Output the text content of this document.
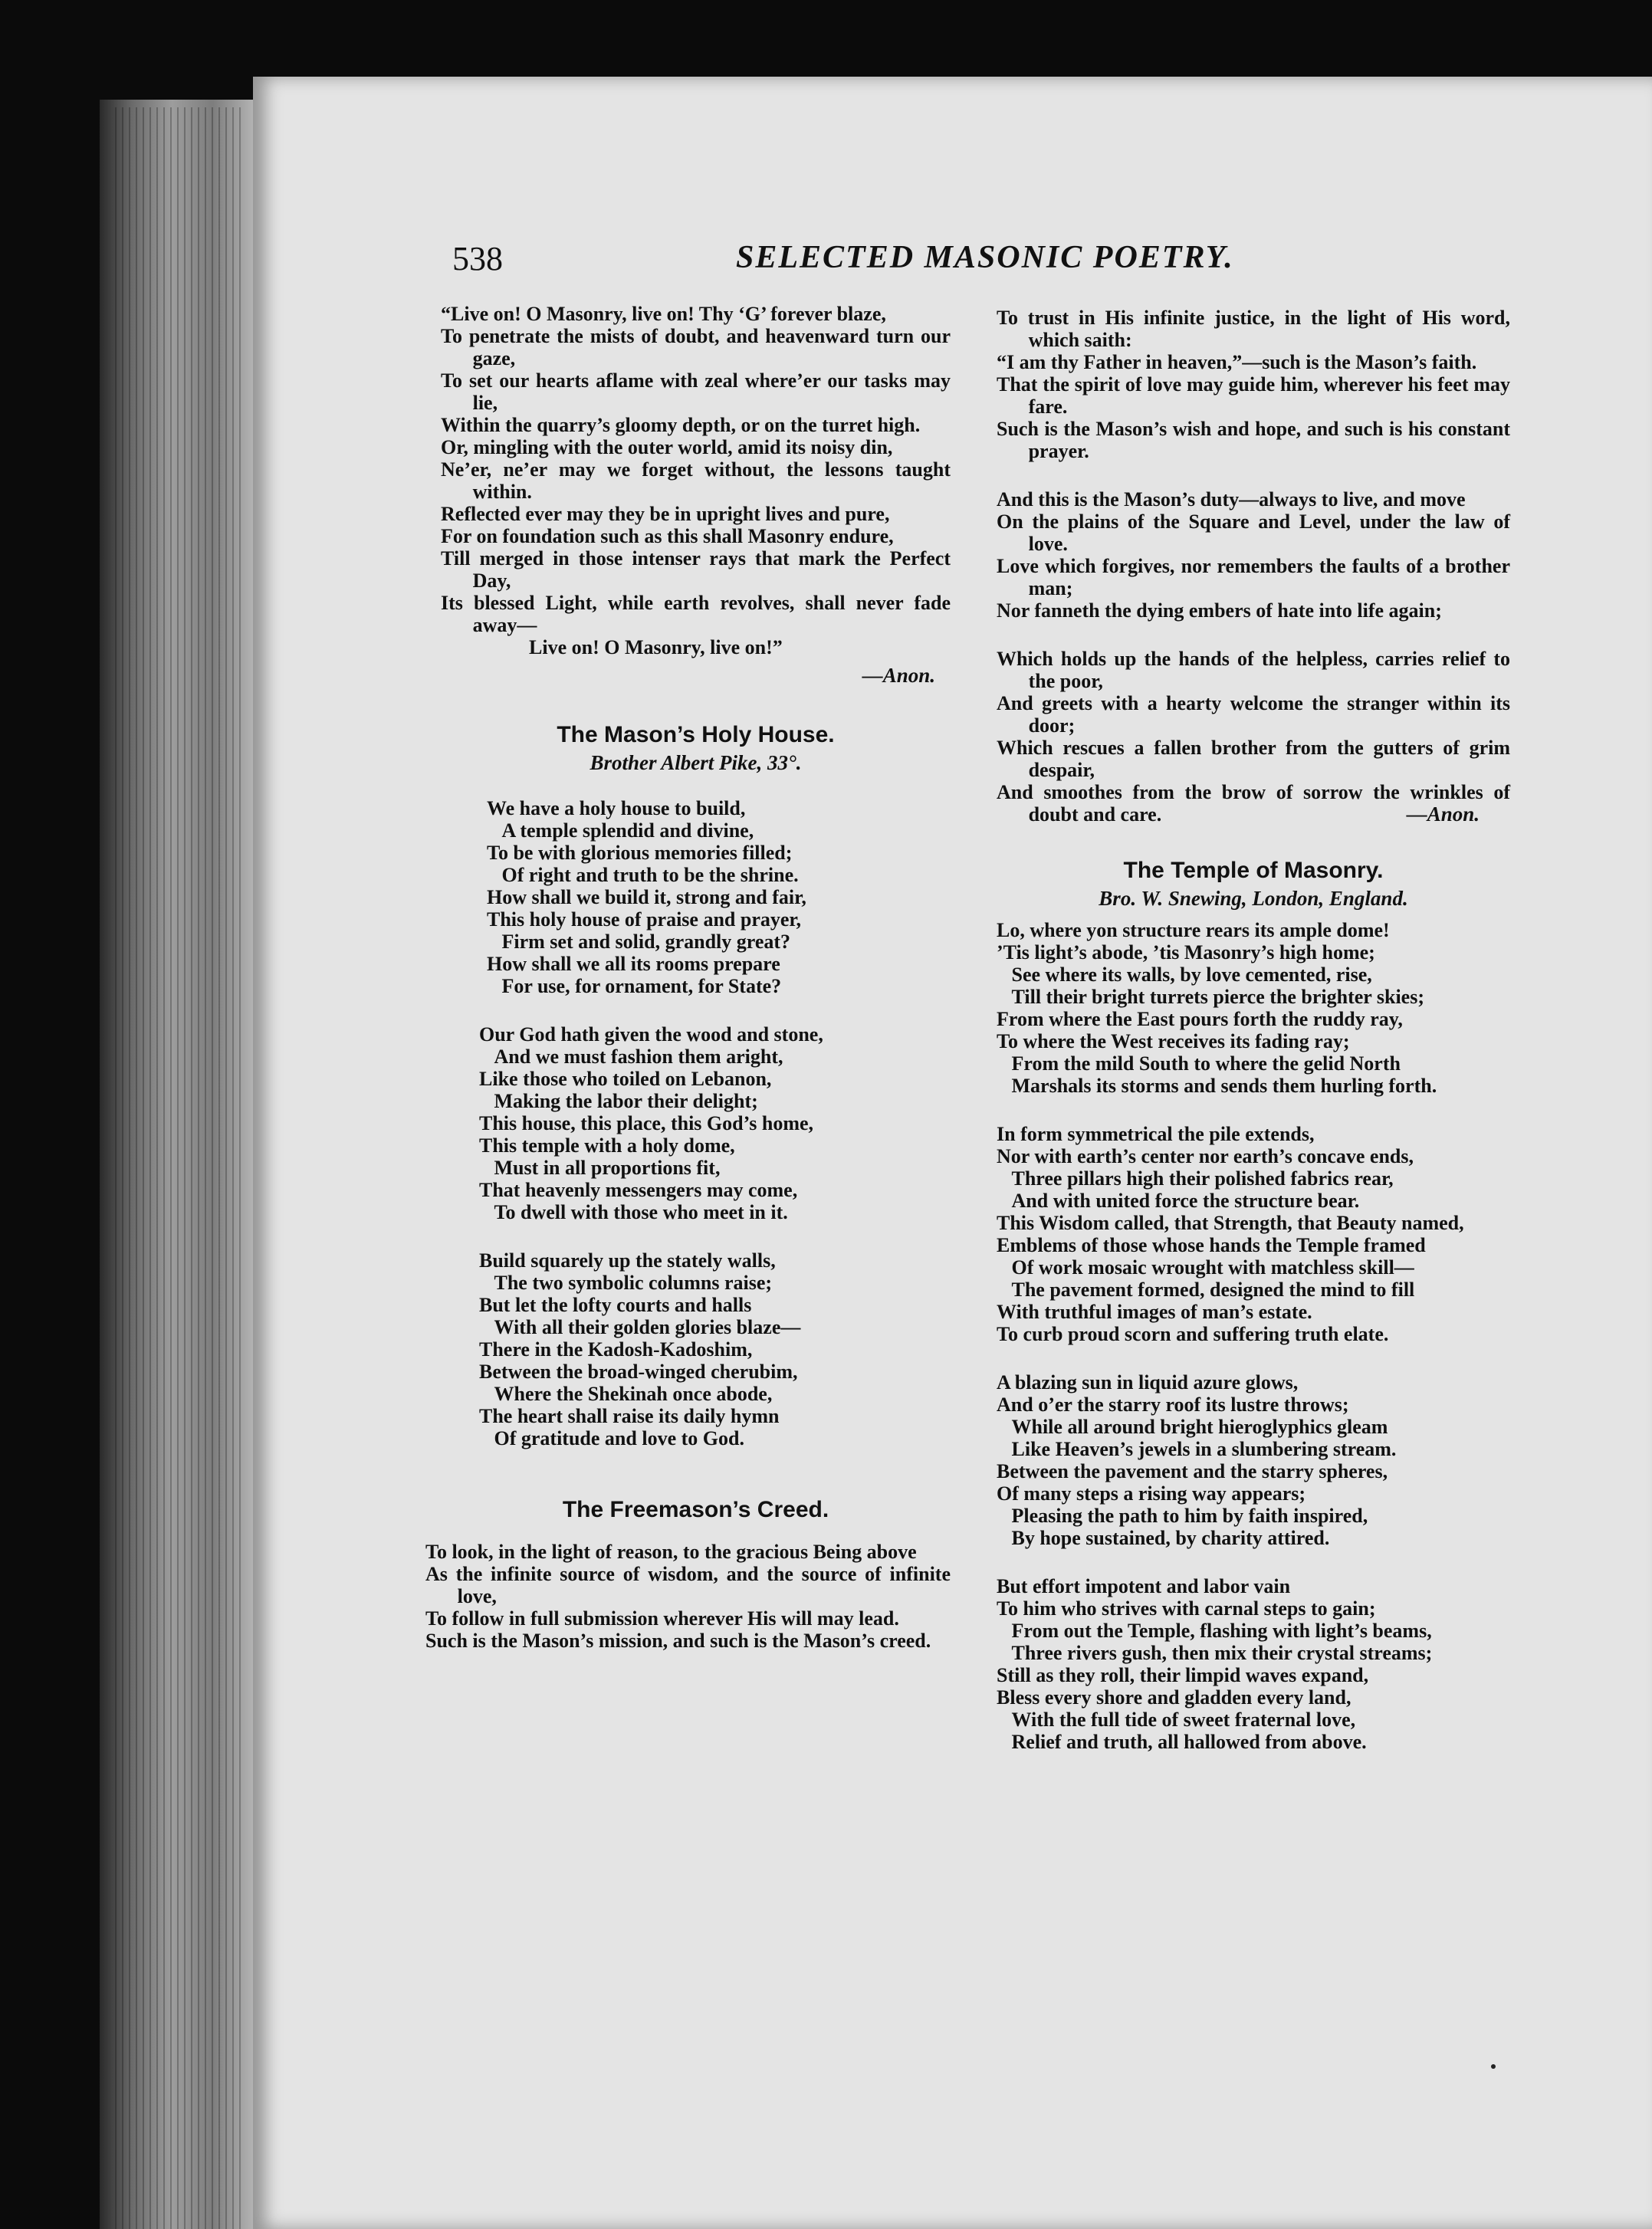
538	SELECTED MASONIC POETRY.
“Live on! O Masonry, live on! Thy ‘G’ forever blaze,
To penetrate the mists of doubt, and heavenward turn our gaze,
To set our hearts aflame with zeal where’er our tasks may lie,
Within the quarry’s gloomy depth, or on the turret high.
Or, mingling with the outer world, amid its noisy din,
Ne’er, ne’er may we forget without, the lessons taught within.
Reflected ever may they be in upright lives and pure,
For on foundation such as this shall Masonry endure,
Till merged in those intenser rays that mark the Perfect Day,
Its blessed Light, while earth revolves, shall never fade away—
Live on! O Masonry, live on!”
—Anon.
The Mason’s Holy House.
Brother Albert Pike, 33°.
We have a holy house to build,
A temple splendid and divine,
To be with glorious memories filled;
Of right and truth to be the shrine.
How shall we build it, strong and fair,
This holy house of praise and prayer,
Firm set and solid, grandly great?
How shall we all its rooms prepare
For use, for ornament, for State?
Our God hath given the wood and stone,
And we must fashion them aright,
Like those who toiled on Lebanon,
Making the labor their delight;
This house, this place, this God’s home,
This temple with a holy dome,
Must in all proportions fit,
That heavenly messengers may come,
To dwell with those who meet in it.
Build squarely up the stately walls,
The two symbolic columns raise;
But let the lofty courts and halls
With all their golden glories blaze—
There in the Kadosh-Kadoshim,
Between the broad-winged cherubim,
Where the Shekinah once abode,
The heart shall raise its daily hymn
Of gratitude and love to God.
The Freemason’s Creed.
To look, in the light of reason, to the gracious Being above
As the infinite source of wisdom, and the source of infinite love,
To follow in full submission wherever His will may lead.
Such is the Mason’s mission, and such is the Mason’s creed.
To trust in His infinite justice, in the light of His word, which saith:
“I am thy Father in heaven,”—such is the Mason’s faith.
That the spirit of love may guide him, wherever his feet may fare.
Such is the Mason’s wish and hope, and such is his constant prayer.
And this is the Mason’s duty—always to live, and move
On the plains of the Square and Level, under the law of love.
Love which forgives, nor remembers the faults of a brother man;
Nor fanneth the dying embers of hate into life again;
Which holds up the hands of the helpless, carries relief to the poor,
And greets with a hearty welcome the stranger within its door;
Which rescues a fallen brother from the gutters of grim despair,
And smoothes from the brow of sorrow the wrinkles of doubt and care.	—Anon.
The Temple of Masonry.
Bro. W. Snewing, London, England.
Lo, where yon structure rears its ample dome!
’Tis light’s abode, ’tis Masonry’s high home;
See where its walls, by love cemented, rise,
Till their bright turrets pierce the brighter skies;
From where the East pours forth the ruddy ray,
To where the West receives its fading ray;
From the mild South to where the gelid North
Marshals its storms and sends them hurling forth.
In form symmetrical the pile extends,
Nor with earth’s center nor earth’s concave ends,
Three pillars high their polished fabrics rear,
And with united force the structure bear.
This Wisdom called, that Strength, that Beauty named,
Emblems of those whose hands the Temple framed
Of work mosaic wrought with matchless skill—
The pavement formed, designed the mind to fill
With truthful images of man’s estate.
To curb proud scorn and suffering truth elate.
A blazing sun in liquid azure glows,
And o’er the starry roof its lustre throws;
While all around bright hieroglyphics gleam
Like Heaven’s jewels in a slumbering stream.
Between the pavement and the starry spheres,
Of many steps a rising way appears;
Pleasing the path to him by faith inspired,
By hope sustained, by charity attired.
But effort impotent and labor vain
To him who strives with carnal steps to gain;
From out the Temple, flashing with light’s beams,
Three rivers gush, then mix their crystal streams;
Still as they roll, their limpid waves expand,
Bless every shore and gladden every land,
With the full tide of sweet fraternal love,
Relief and truth, all hallowed from above.
